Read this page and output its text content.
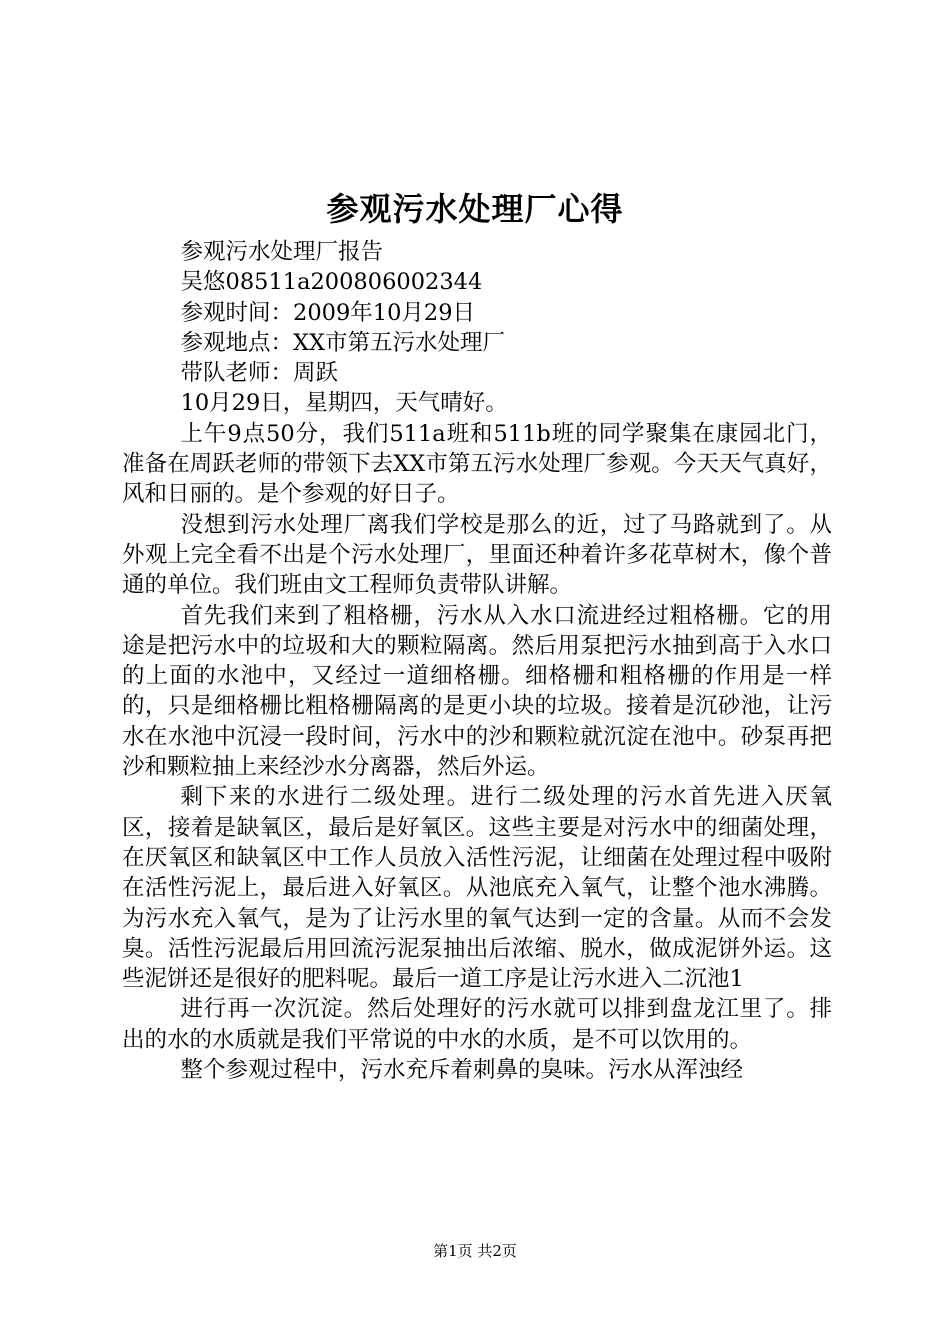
参观污水处理厂心得

参观污水处理厂报告

吴悠08511a200806002344

参观时间：2009年10月29日

参观地点：XX市第五污水处理厂

带队老师：周跃

10月29日，星期四，天气晴好。

上午9点50分，我们511a班和511b班的同学聚集在康园北门，准备在周跃老师的带领下去XX市第五污水处理厂参观。今天天气真好，风和日丽的。是个参观的好日子。

没想到污水处理厂离我们学校是那么的近，过了马路就到了。从外观上完全看不出是个污水处理厂，里面还种着许多花草树木，像个普通的单位。我们班由文工程师负责带队讲解。

首先我们来到了粗格栅，污水从入水口流进经过粗格栅。它的用途是把污水中的垃圾和大的颗粒隔离。然后用泵把污水抽到高于入水口的上面的水池中，又经过一道细格栅。细格栅和粗格栅的作用是一样的，只是细格栅比粗格栅隔离的是更小块的垃圾。接着是沉砂池，让污水在水池中沉浸一段时间，污水中的沙和颗粒就沉淀在池中。砂泵再把沙和颗粒抽上来经沙水分离器，然后外运。

剩下来的水进行二级处理。进行二级处理的污水首先进入厌氧区，接着是缺氧区，最后是好氧区。这些主要是对污水中的细菌处理，在厌氧区和缺氧区中工作人员放入活性污泥，让细菌在处理过程中吸附在活性污泥上，最后进入好氧区。从池底充入氧气，让整个池水沸腾。为污水充入氧气，是为了让污水里的氧气达到一定的含量。从而不会发臭。活性污泥最后用回流污泥泵抽出后浓缩、脱水，做成泥饼外运。这些泥饼还是很好的肥料呢。最后一道工序是让污水进入二沉池1

进行再一次沉淀。然后处理好的污水就可以排到盘龙江里了。排出的水的水质就是我们平常说的中水的水质，是不可以饮用的。

整个参观过程中，污水充斥着刺鼻的臭味。污水从浑浊经

第1页 共2页
